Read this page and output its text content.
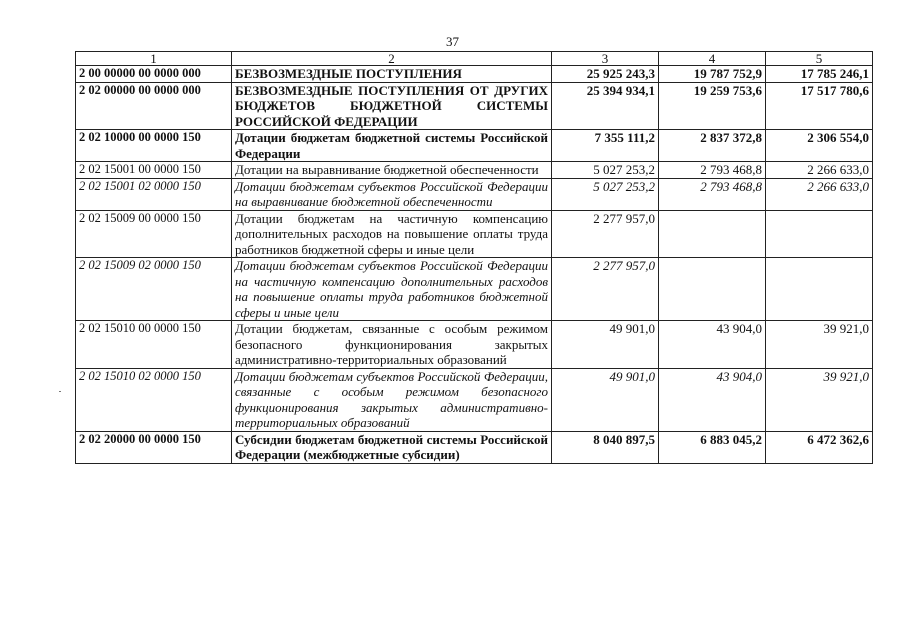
37
1	2	3	4	5
2 00 00000 00 0000 000	БЕЗВОЗМЕЗДНЫЕ ПОСТУПЛЕНИЯ	25 925 243,3	19 787 752,9	17 785 246,1
2 02 00000 00 0000 000	БЕЗВОЗМЕЗДНЫЕ ПОСТУПЛЕНИЯ ОТ ДРУГИХ БЮДЖЕТОВ БЮДЖЕТНОЙ СИСТЕМЫ РОССИЙСКОЙ ФЕДЕРАЦИИ	25 394 934,1	19 259 753,6	17 517 780,6
2 02 10000 00 0000 150	Дотации бюджетам бюджетной системы Российской Федерации	7 355 111,2	2 837 372,8	2 306 554,0
2 02 15001 00 0000 150	Дотации на выравнивание бюджетной обеспеченности	5 027 253,2	2 793 468,8	2 266 633,0
2 02 15001 02 0000 150	Дотации бюджетам субъектов Российской Федерации на выравнивание бюджетной обеспеченности	5 027 253,2	2 793 468,8	2 266 633,0
2 02 15009 00 0000 150	Дотации бюджетам на частичную компенсацию дополнительных расходов на повышение оплаты труда работников бюджетной сферы и иные цели	2 277 957,0		
2 02 15009 02 0000 150	Дотации бюджетам субъектов Российской Федерации на частичную компенсацию дополнительных расходов на повышение оплаты труда работников бюджетной сферы и иные цели	2 277 957,0		
2 02 15010 00 0000 150	Дотации бюджетам, связанные с особым режимом безопасного функционирования закрытых административно-территориальных образований	49 901,0	43 904,0	39 921,0
2 02 15010 02 0000 150	Дотации бюджетам субъектов Российской Федерации, связанные с особым режимом безопасного функционирования закрытых административно-территориальных образований	49 901,0	43 904,0	39 921,0
2 02 20000 00 0000 150	Субсидии бюджетам бюджетной системы Российской Федерации (межбюджетные субсидии)	8 040 897,5	6 883 045,2	6 472 362,6
